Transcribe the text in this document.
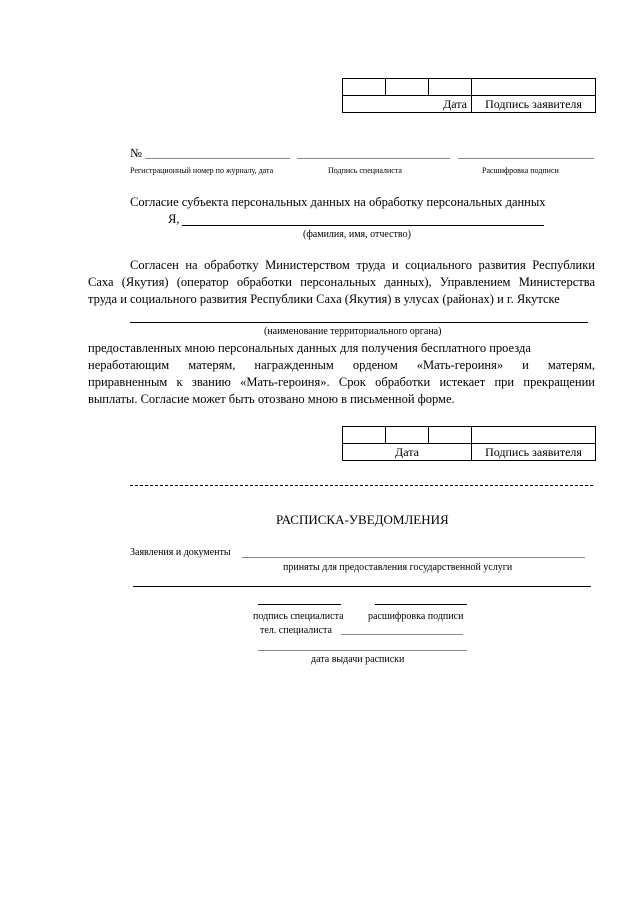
Дата			Подпись заявителя
№
Регистрационный номер по журналу, дата	Подпись специалиста	Расшифровка подписи
Согласие субъекта персональных данных на обработку персональных данных
Я,
(фамилия, имя, отчество)
Согласен на обработку Министерством труда и социального развития Республики
Саха (Якутия) (оператор обработки персональных данных), Управлением Министерства
труда и социального развития Республики Саха (Якутия) в улусах (районах) и г. Якутске
(наименование территориального органа)
предоставленных мною персональных данных для получения бесплатного проезда
неработающим матерям, награжденным орденом «Мать-героиня» и матерям,
приравненным к званию «Мать-героиня». Срок обработки истекает при прекращении
выплаты. Согласие может быть отозвано мною в письменной форме.

Дата			Подпись заявителя
РАСПИСКА-УВЕДОМЛЕНИЯ
Заявления и документы
приняты для предоставления государственной услуги
подпись специалиста расшифровка подписи
тел. специалиста
дата выдачи расписки
